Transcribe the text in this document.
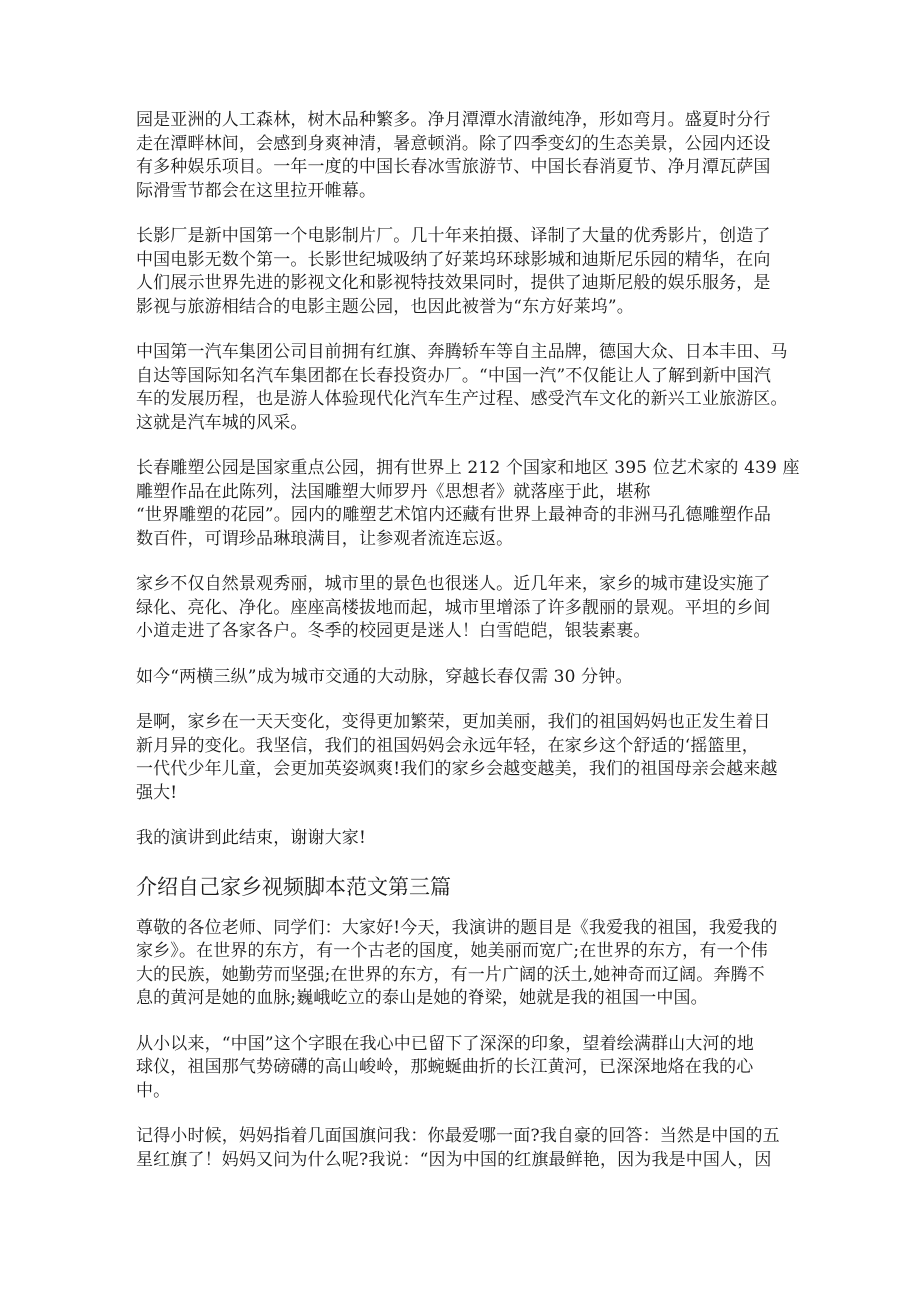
园是亚洲的人工森林，树木品种繁多。净月潭潭水清澈纯净，形如弯月。盛夏时分行
走在潭畔林间，会感到身爽神清，暑意顿消。除了四季变幻的生态美景，公园内还设
有多种娱乐项目。一年一度的中国长春冰雪旅游节、中国长春消夏节、净月潭瓦萨国
际滑雪节都会在这里拉开帷幕。
长影厂是新中国第一个电影制片厂。几十年来拍摄、译制了大量的优秀影片，创造了
中国电影无数个第一。长影世纪城吸纳了好莱坞环球影城和迪斯尼乐园的精华，在向
人们展示世界先进的影视文化和影视特技效果同时，提供了迪斯尼般的娱乐服务，是
影视与旅游相结合的电影主题公园，也因此被誉为“东方好莱坞”。
中国第一汽车集团公司目前拥有红旗、奔腾轿车等自主品牌，德国大众、日本丰田、马
自达等国际知名汽车集团都在长春投资办厂。“中国一汽”不仅能让人了解到新中国汽
车的发展历程，也是游人体验现代化汽车生产过程、感受汽车文化的新兴工业旅游区。
这就是汽车城的风采。
长春雕塑公园是国家重点公园，拥有世界上 212 个国家和地区 395 位艺术家的 439 座
雕塑作品在此陈列，法国雕塑大师罗丹《思想者》就落座于此，堪称
“世界雕塑的花园”。园内的雕塑艺术馆内还藏有世界上最神奇的非洲马孔德雕塑作品
数百件，可谓珍品琳琅满目，让参观者流连忘返。
家乡不仅自然景观秀丽，城市里的景色也很迷人。近几年来，家乡的城市建设实施了
绿化、亮化、净化。座座高楼拔地而起，城市里增添了许多靓丽的景观。平坦的乡间
小道走进了各家各户。冬季的校园更是迷人！白雪皑皑，银装素裹。
如今“两横三纵”成为城市交通的大动脉，穿越长春仅需 30 分钟。
是啊，家乡在一天天变化，变得更加繁荣，更加美丽，我们的祖国妈妈也正发生着日
新月异的变化。我坚信，我们的祖国妈妈会永远年轻，在家乡这个舒适的‘摇篮里，
一代代少年儿童，会更加英姿飒爽!我们的家乡会越变越美，我们的祖国母亲会越来越
强大!
我的演讲到此结束，谢谢大家!
介绍自己家乡视频脚本范文第三篇
尊敬的各位老师、同学们：大家好!今天，我演讲的题目是《我爱我的祖国，我爱我的
家乡》。在世界的东方，有一个古老的国度，她美丽而宽广;在世界的东方，有一个伟
大的民族，她勤劳而坚强;在世界的东方，有一片广阔的沃土,她神奇而辽阔。奔腾不
息的黄河是她的血脉;巍峨屹立的泰山是她的脊梁，她就是我的祖国一中国。
从小以来，“中国”这个字眼在我心中已留下了深深的印象，望着绘满群山大河的地
球仪，祖国那气势磅礴的高山峻岭，那蜿蜒曲折的长江黄河，已深深地烙在我的心
中。
记得小时候，妈妈指着几面国旗问我：你最爱哪一面?我自豪的回答：当然是中国的五
星红旗了！妈妈又问为什么呢?我说：“因为中国的红旗最鲜艳，因为我是中国人，因
